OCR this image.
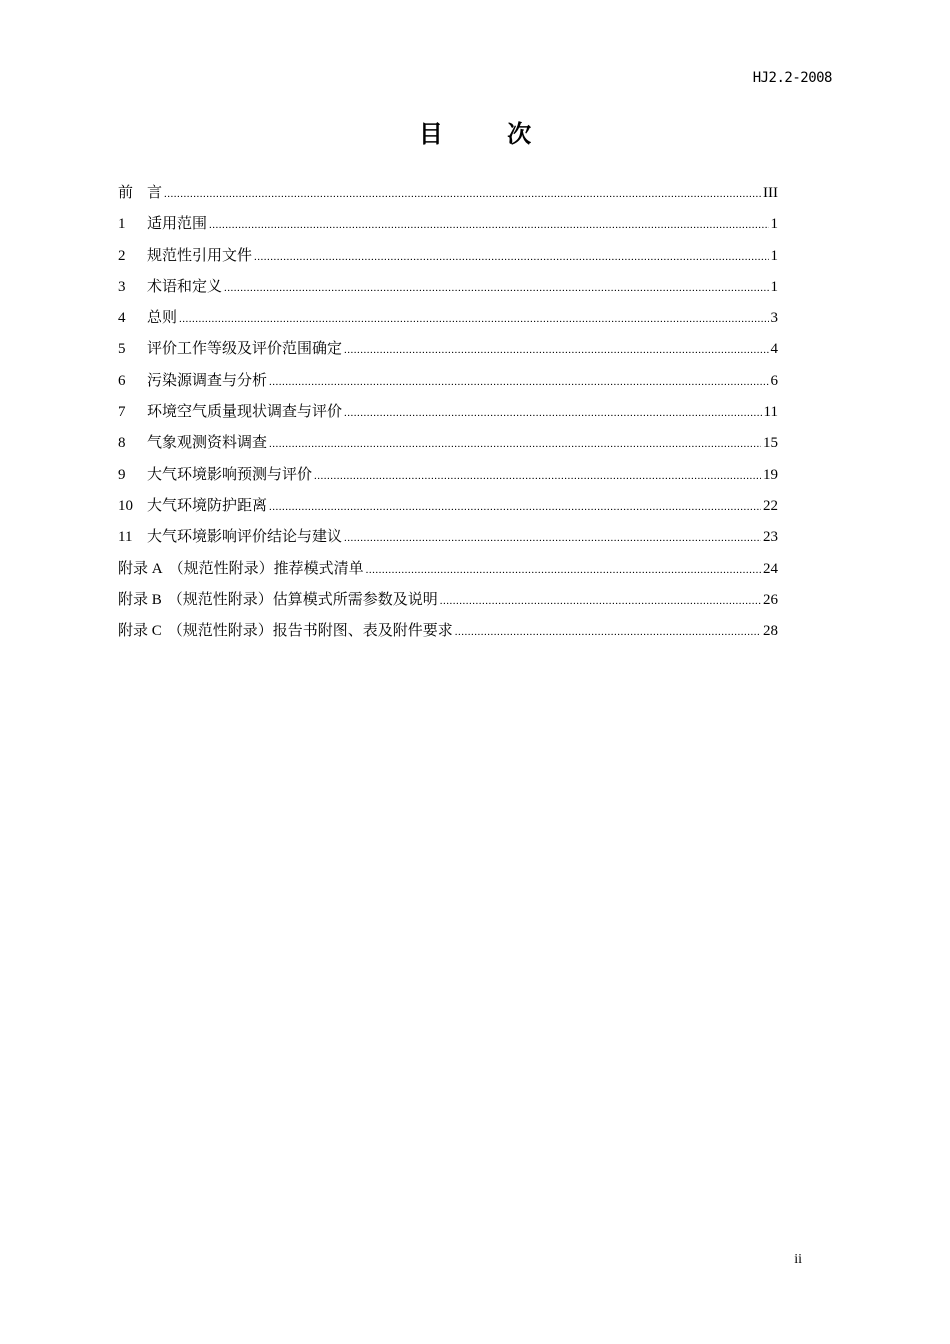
HJ2.2-2008
目 次
前 言 .....	III
1	适用范围 .....	1
2	规范性引用文件 .....	1
3	术语和定义 .....	1
4	总则 .....	3
5	评价工作等级及评价范围确定 .....	4
6	污染源调查与分析 .....	6
7	环境空气质量现状调查与评价 .....	11
8	气象观测资料调查 .....	15
9	大气环境影响预测与评价 .....	19
10 大气环境防护距离 .....	22
11 大气环境影响评价结论与建议 .....	23
附录 A （规范性附录）推荐模式清单 .....	24
附录 B （规范性附录）估算模式所需参数及说明 .....	26
附录 C （规范性附录）报告书附图、表及附件要求 .....	28
ii
